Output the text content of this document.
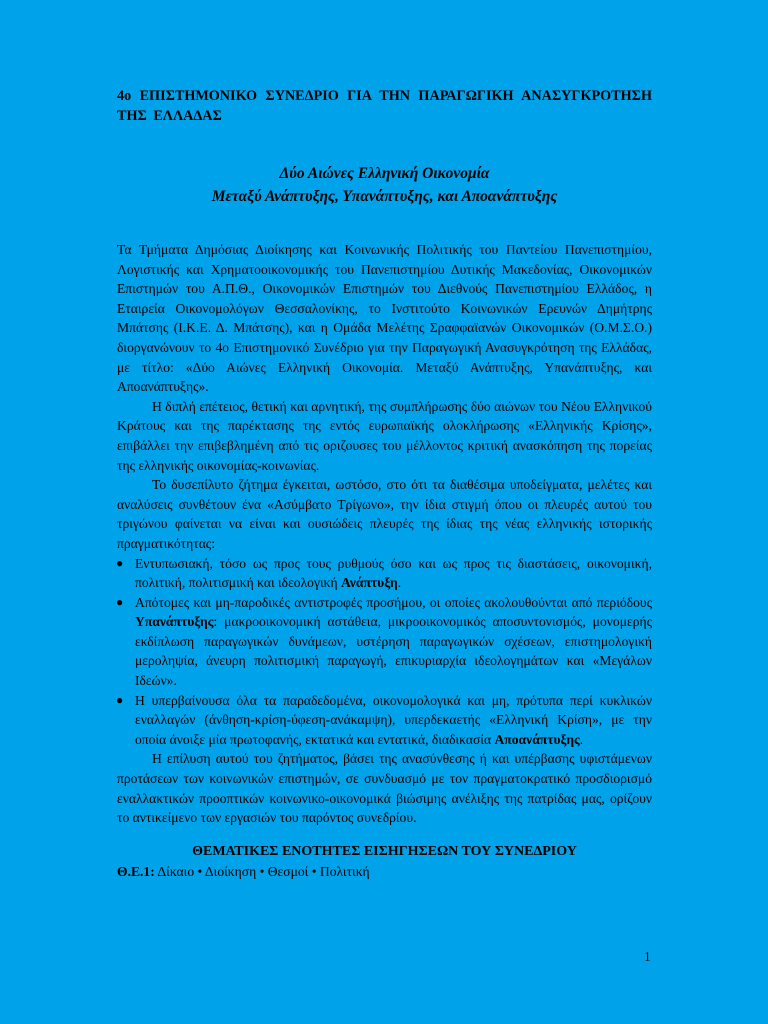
4ο ΕΠΙΣΤΗΜΟΝΙΚΟ ΣΥΝΕΔΡΙΟ ΓΙΑ ΤΗΝ ΠΑΡΑΓΩΓΙΚΗ ΑΝΑΣΥΓΚΡΟΤΗΣΗ ΤΗΣ ΕΛΛΑΔΑΣ

Δύο Αιώνες Ελληνική Οικονομία
Μεταξύ Ανάπτυξης, Υπανάπτυξης, και Αποανάπτυξης

Τα Τμήματα Δημόσιας Διοίκησης και Κοινωνικής Πολιτικής του Παντείου Πανεπιστημίου, Λογιστικής και Χρηματοοικονομικής του Πανεπιστημίου Δυτικής Μακεδονίας, Οικονομικών Επιστημών του Α.Π.Θ., Οικονομικών Επιστημών του Διεθνούς Πανεπιστημίου Ελλάδος, η Εταιρεία Οικονομολόγων Θεσσαλονίκης, το Ινστιτούτο Κοινωνικών Ερευνών Δημήτρης Μπάτσης (Ι.Κ.Ε. Δ. Μπάτσης), και η Ομάδα Μελέτης Σραφφαϊανών Οικονομικών (Ο.Μ.Σ.Ο.) διοργανώνουν το 4ο Επιστημονικό Συνέδριο για την Παραγωγική Ανασυγκρότηση της Ελλάδας, με τίτλο: «Δύο Αιώνες Ελληνική Οικονομία. Μεταξύ Ανάπτυξης, Υπανάπτυξης, και Αποανάπτυξης».

Η διπλή επέτειος, θετική και αρνητική, της συμπλήρωσης δύο αιώνων του Νέου Ελληνικού Κράτους και της παρέκτασης της εντός ευρωπαϊκής ολοκλήρωσης «Ελληνικής Κρίσης», επιβάλλει την επιβεβλημένη από τις οριζουσες του μέλλοντος κριτική ανασκόπηση της πορείας της ελληνικής οικονομίας-κοινωνίας.

Το δυσεπίλυτο ζήτημα έγκειται, ωστόσο, στο ότι τα διαθέσιμα υποδείγματα, μελέτες και αναλύσεις συνθέτουν ένα «Ασύμβατο Τρίγωνο», την ίδια στιγμή όπου οι πλευρές αυτού του τριγώνου φαίνεται να είναι και ουσιώδεις πλευρές της ίδιας της νέας ελληνικής ιστορικής πραγματικότητας:

● Εντυπωσιακή, τόσο ως προς τους ρυθμούς όσο και ως προς τις διαστάσεις, οικονομική, πολιτική, πολιτισμική και ιδεολογική Ανάπτυξη.
● Απότομες και μη-παροδικές αντιστροφές προσήμου, οι οποίες ακολουθούνται από περιόδους Υπανάπτυξης: μακροοικονομική αστάθεια, μικροοικονομικός αποσυντονισμός, μονομερής εκδίπλωση παραγωγικών δυνάμεων, υστέρηση παραγωγικών σχέσεων, επιστημολογική μεροληψία, άνευρη πολιτισμική παραγωγή, επικυριαρχία ιδεολογημάτων και «Μεγάλων Ιδεών».
● Η υπερβαίνουσα όλα τα παραδεδομένα, οικονομολογικά και μη, πρότυπα περί κυκλικών εναλλαγών (άνθηση-κρίση-ύφεση-ανάκαμψη), υπερδεκαετής «Ελληνική Κρίση», με την οποία άνοιξε μία πρωτοφανής, εκτατικά και εντατικά, διαδικασία Αποανάπτυξης.

Η επίλυση αυτού του ζητήματος, βάσει της ανασύνθεσης ή και υπέρβασης υφιστάμενων προτάσεων των κοινωνικών επιστημών, σε συνδυασμό με τον πραγματοκρατικό προσδιορισμό εναλλακτικών προοπτικών κοινωνικο-οικονομικά βιώσιμης ανέλιξης της πατρίδας μας, ορίζουν το αντικείμενο των εργασιών του παρόντος συνεδρίου.

ΘΕΜΑΤΙΚΕΣ ΕΝΟΤΗΤΕΣ ΕΙΣΗΓΗΣΕΩΝ ΤΟΥ ΣΥΝΕΔΡΙΟΥ
Θ.Ε.1: Δίκαιο • Διοίκηση • Θεσμοί • Πολιτική
1
